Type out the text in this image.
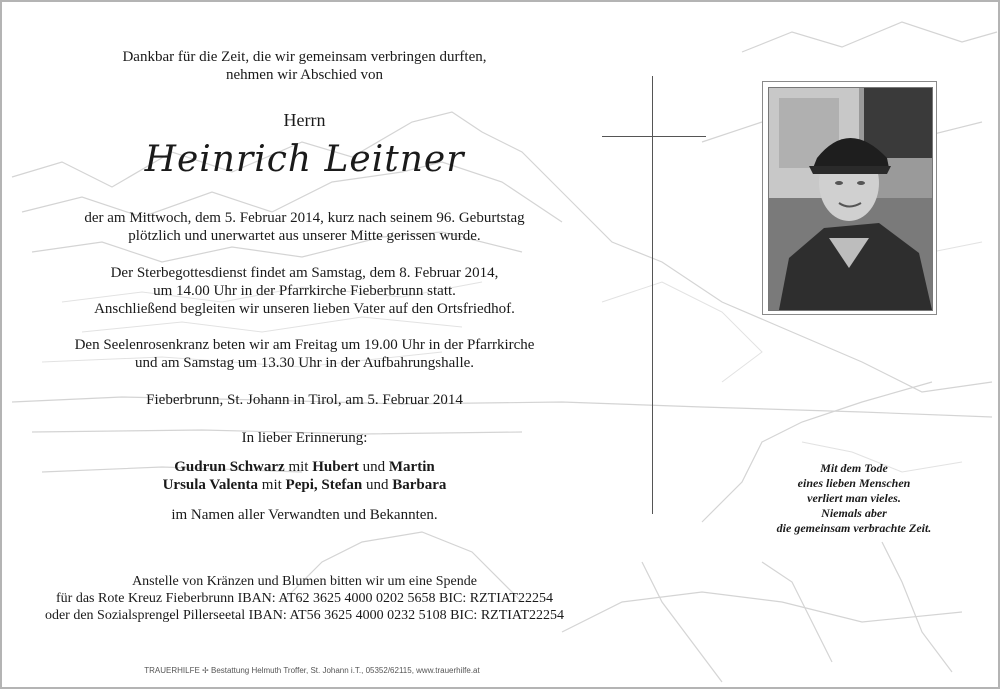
Dankbar für die Zeit, die wir gemeinsam verbringen durften,
nehmen wir Abschied von
Herrn
Heinrich Leitner
der am Mittwoch, dem 5. Februar 2014, kurz nach seinem 96. Geburtstag
plötzlich und unerwartet aus unserer Mitte gerissen wurde.
Der Sterbegottesdienst findet am Samstag, dem 8. Februar 2014,
um 14.00 Uhr in der Pfarrkirche Fieberbrunn statt.
Anschließend begleiten wir unseren lieben Vater auf den Ortsfriedhof.
Den Seelenrosenkranz beten wir am Freitag um 19.00 Uhr in der Pfarrkirche
und am Samstag um 13.30 Uhr in der Aufbahrungshalle.
Fieberbrunn, St. Johann in Tirol, am 5. Februar 2014
In lieber Erinnerung:
Gudrun Schwarz mit Hubert und Martin
Ursula Valenta mit Pepi, Stefan und Barbara
im Namen aller Verwandten und Bekannten.
Anstelle von Kränzen und Blumen bitten wir um eine Spende
für das Rote Kreuz Fieberbrunn IBAN: AT62 3625 4000 0202 5658 BIC: RZTIAT22254
oder den Sozialsprengel Pillerseetal IBAN: AT56 3625 4000 0232 5108 BIC: RZTIAT22254
TRAUERHILFE ✢ Bestattung Helmuth Troffer, St. Johann i.T., 05352/62115, www.trauerhilfe.at
Mit dem Tode
eines lieben Menschen
verliert man vieles.
Niemals aber
die gemeinsam verbrachte Zeit.
